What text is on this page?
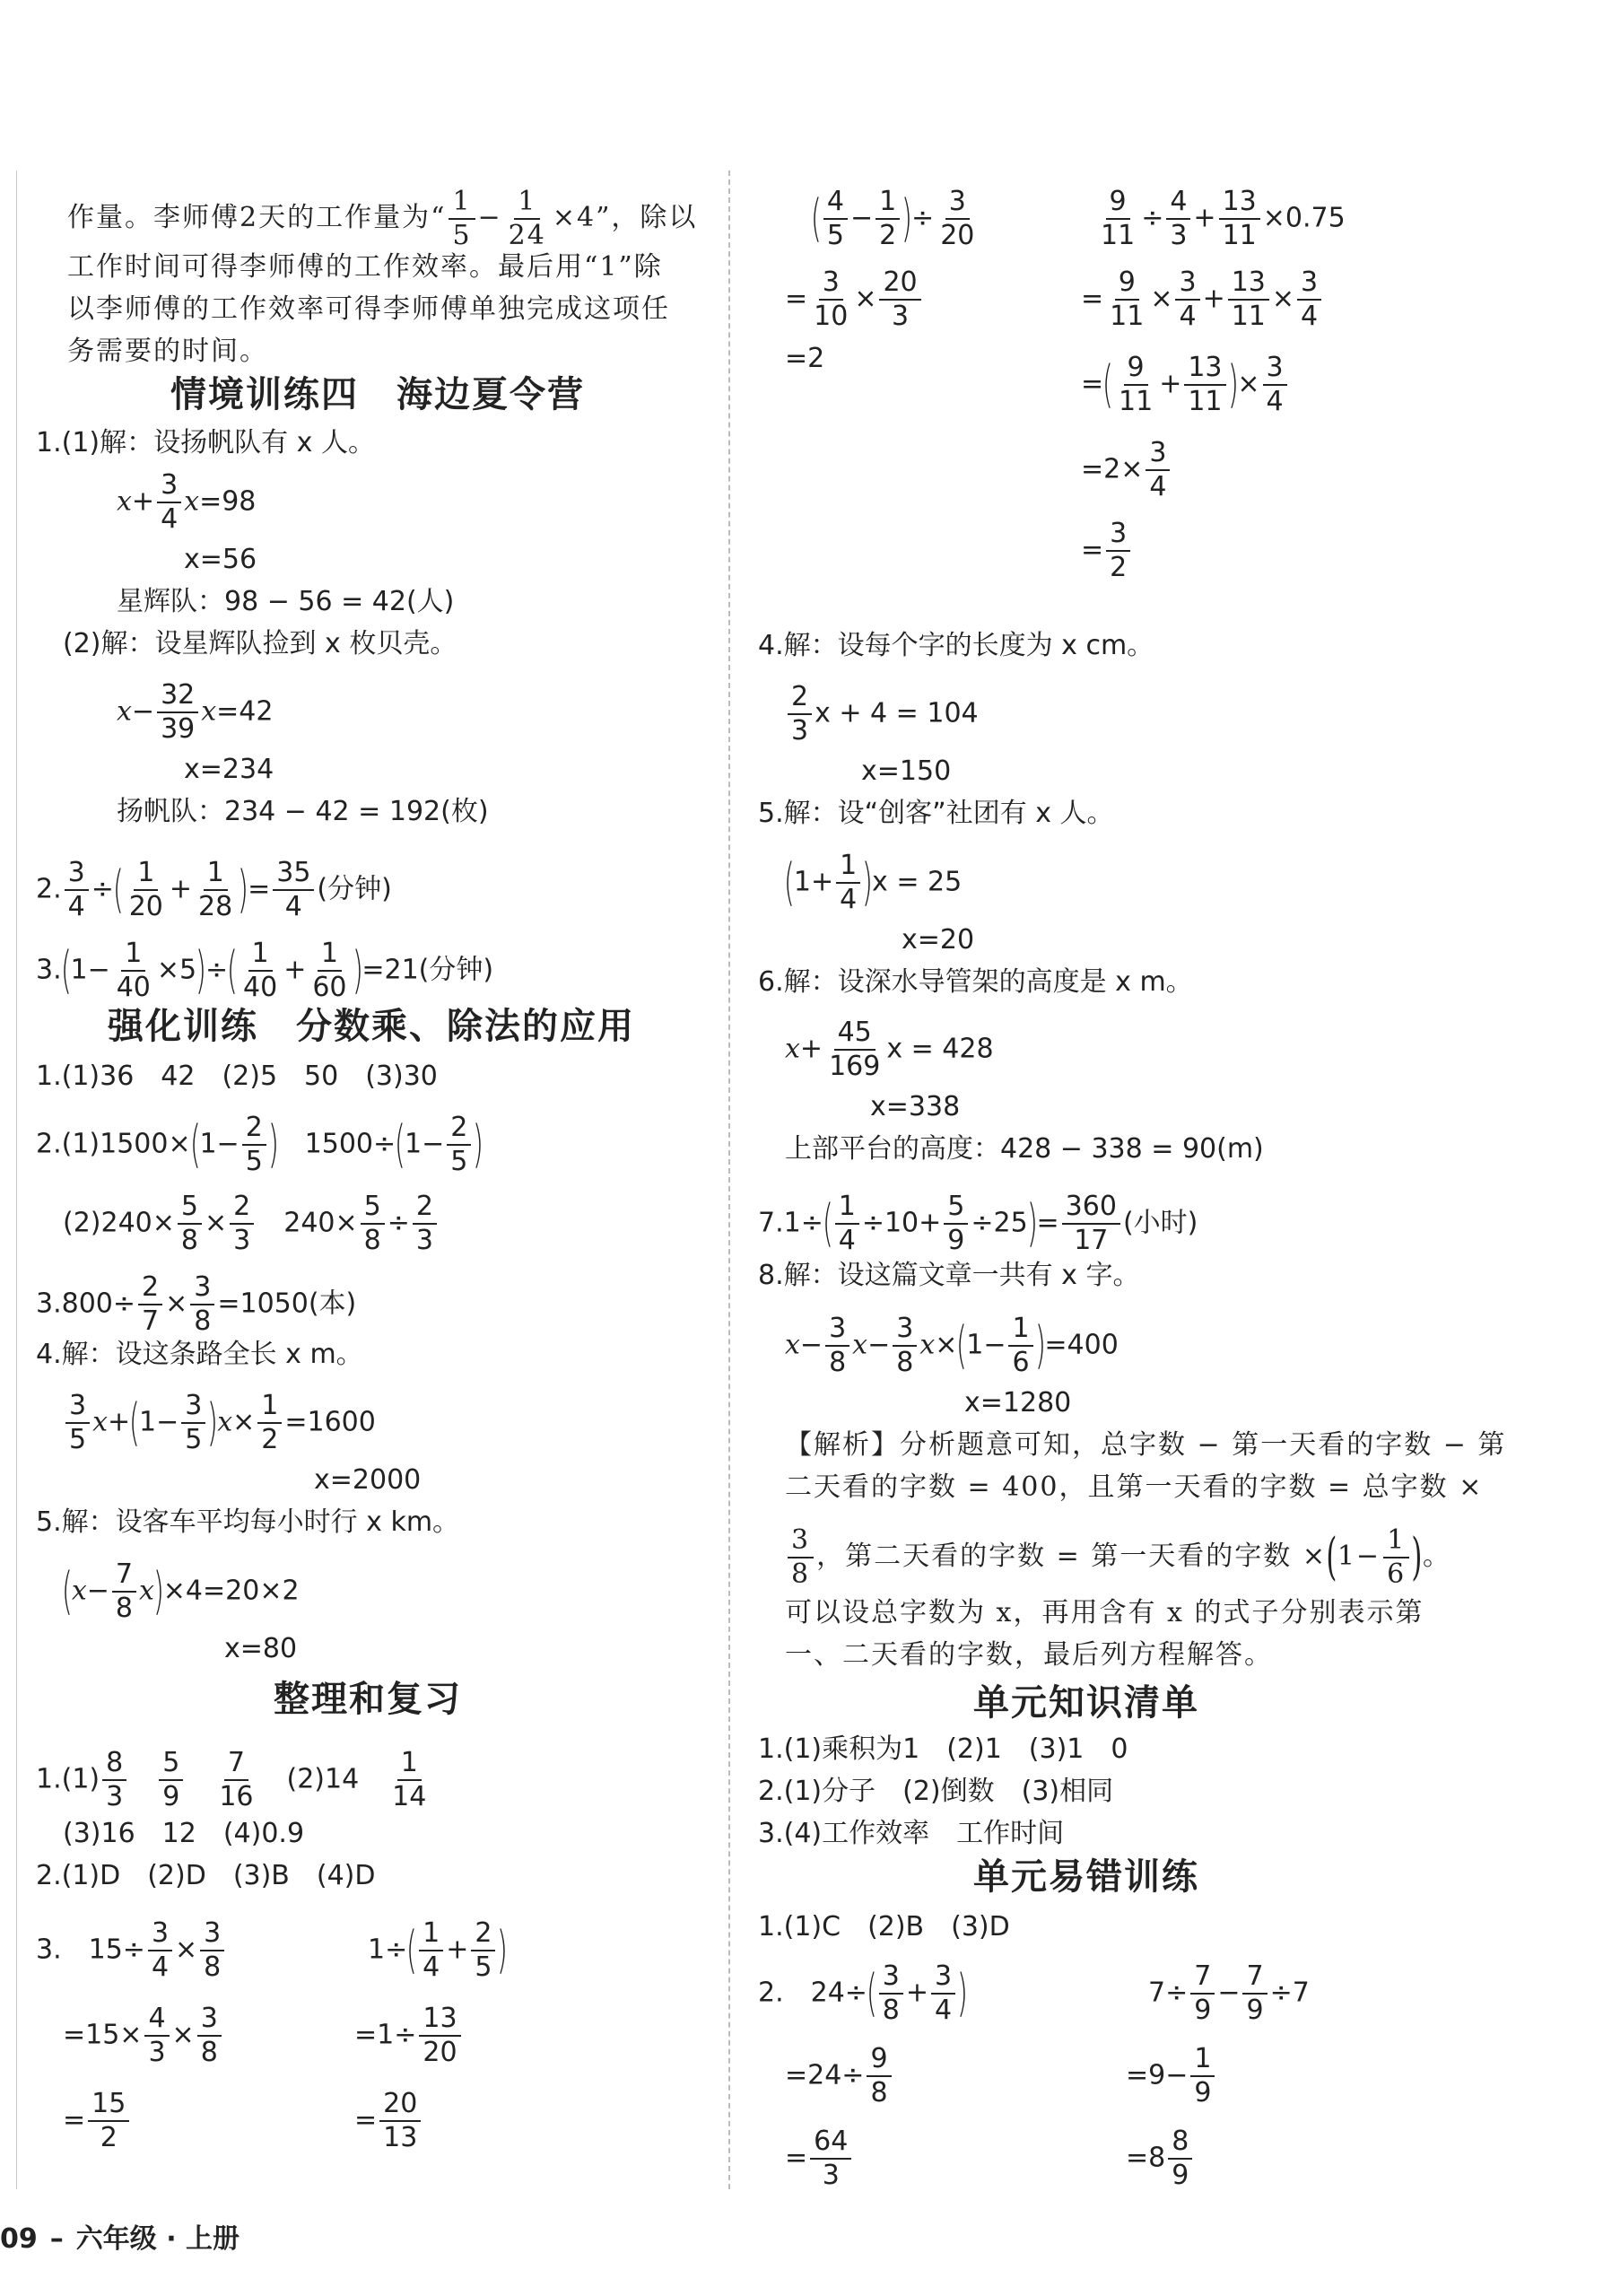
作量。李师傅2天的工作量为“ $\frac{1}{5} - \frac{1}{24} \times 4$”，除以
工作时间可得李师傅的工作效率。最后用“1”除
以李师傅的工作效率可得李师傅单独完成这项任
务需要的时间。
情境训练四　海边夏令营
1.(1)解：设扬帆队有 x 人。
$x+ \frac{3}{4} x=98$
x=56
星辉队：98 − 56 = 42(人)
(2)解：设星辉队捡到 x 枚贝壳。
$x- \frac{32}{39} x=42$
x=234
扬帆队：234 − 42 = 192(枚)
2. $\frac{3}{4}$ ÷( $\frac{1}{20} + \frac{1}{28}$ )= $\frac{35}{4}$ (分钟)
$3.(1- \frac{1}{40} \times 5)\div( \frac{1}{40} + \frac{1}{60} )=21$(分钟)
强化训练　分数乘、除法的应用
1.(1)36　42　(2)5　50　(3)30
$2.(1)1500\times(1- \frac{2}{5}$ )　$1500\div(1- \frac{2}{5}$ )
$(2)240\times \frac{5}{8} \times \frac{2}{3}$ 　$240\times \frac{5}{8} \div \frac{2}{3}$
$3.800\div \frac{2}{7} \times \frac{3}{8} =1050$(本)
4.解：设这条路全长 x m。
$\frac{3}{5} x+(1- \frac{3}{5} )x\times \frac{1}{2} =1600$
x=2000
5.解：设客车平均每小时行 x km。
$(x- \frac{7}{8} x)\times 4=20\times 2$
x=80
整理和复习
$1.(1) \frac{8}{3}$
　 $\frac{5}{9}$
　 $\frac{7}{16}$ 　(2)14　 $\frac{1}{14}$
(3)16　12　(4)0.9
2.(1)D　(2)D　(3)B　(4)D
3.　$15\div \frac{3}{4} \times \frac{3}{8}$	$1\div( \frac{1}{4} + \frac{2}{5}$ )
$=15\times \frac{4}{3} \times \frac{3}{8}$	$=1\div \frac{13}{20}$
= $\frac{15}{2}$	= $\frac{20}{13}$
( $\frac{4}{5} - \frac{1}{2}$ )÷ $\frac{3}{20}$	$\frac{9}{11} \div \frac{4}{3} + \frac{13}{11} \times 0.75$
= $\frac{3}{10} \times \frac{20}{3}$	= $\frac{9}{11} \times \frac{3}{4} + \frac{13}{11} \times \frac{3}{4}$
=2
=( $\frac{9}{11} + \frac{13}{11}$ )× $\frac{3}{4}$
$=2\times \frac{3}{4}$
= $\frac{3}{2}$
4.解：设每个字的长度为 x cm。
$\frac{2}{3}$ x + 4 = 104
x=150
5.解：设“创客”社团有 x 人。
$(1+ \frac{1}{4} )x = 25$
x=20
6.解：设深水导管架的高度是 x m。
$x+ \frac{45}{169}$ x = 428
x=338
上部平台的高度：428 − 338 = 90(m)
$7.1\div( \frac{1}{4} \div 10+ \frac{5}{9} \div 25)= \frac{360}{17}$ (小时)
8.解：设这篇文章一共有 x 字。
$x- \frac{3}{8} x- \frac{3}{8} x\times(1- \frac{1}{6} )=400$
x=1280
【解析】分析题意可知，总字数 − 第一天看的字数 − 第
二天看的字数 = 400，且第一天看的字数 = 总字数 ×
$\frac{3}{8}$ ，第二天看的字数 = 第一天看的字数 $\times(1- \frac{1}{6}$ )。
可以设总字数为 x，再用含有 x 的式子分别表示第
一、二天看的字数，最后列方程解答。
单元知识清单
1.(1)乘积为1　(2)1　(3)1　0
2.(1)分子　(2)倒数　(3)相同
3.(4)工作效率　工作时间
单元易错训练
1.(1)C　(2)B　(3)D
2.　$24\div( \frac{3}{8} + \frac{3}{4}$ )	$7\div \frac{7}{9} - \frac{7}{9} \div 7$
$=24\div \frac{9}{8}$	$=9- \frac{1}{9}$
= $\frac{64}{3}$	$=8 \frac{8}{9}$
09 – 六年级 · 上册
